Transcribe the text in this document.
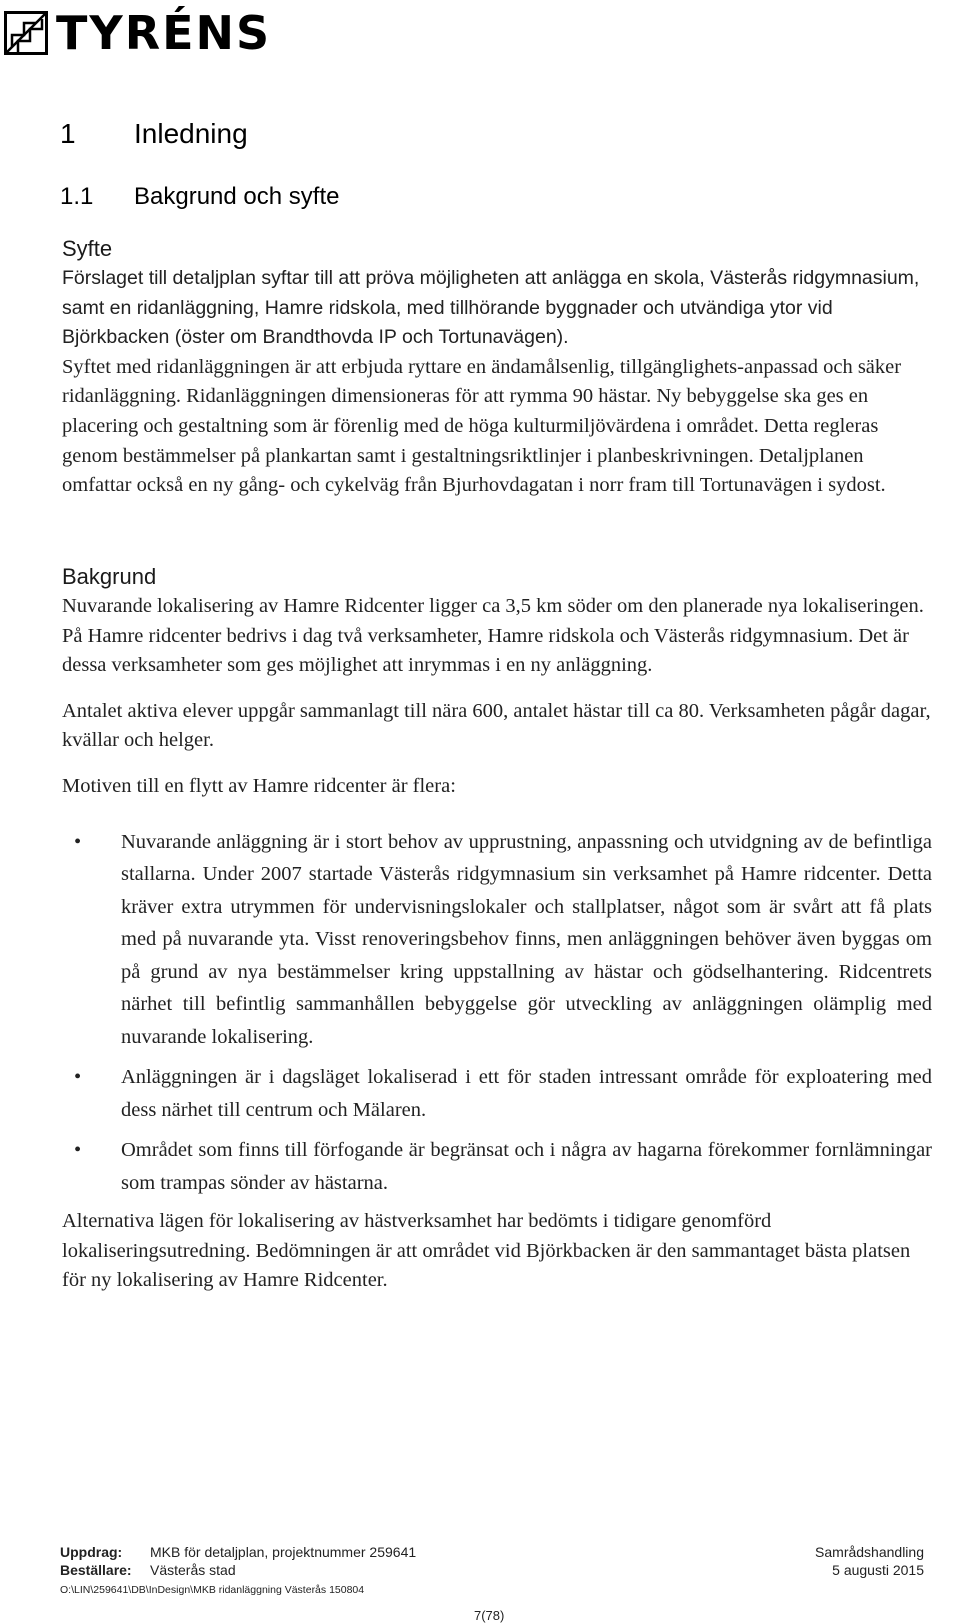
TYRÉNS
1 Inledning
1.1 Bakgrund och syfte
Syfte

Förslaget till detaljplan syftar till att pröva möjligheten att anlägga en skola, Västerås ridgymnasium, samt en ridanläggning, Hamre ridskola, med tillhörande byggnader och utvändiga ytor vid Björkbacken (öster om Brandthovda IP och Tortunavägen).

Syftet med ridanläggningen är att erbjuda ryttare en ändamålsenlig, tillgänglighets-anpassad och säker ridanläggning. Ridanläggningen dimensioneras för att rymma 90 hästar. Ny bebyggelse ska ges en placering och gestaltning som är förenlig med de höga kulturmiljövärdena i området. Detta regleras genom bestämmelser på plankartan samt i gestaltningsriktlinjer i planbeskrivningen. Detaljplanen omfattar också en ny gång- och cykelväg från Bjurhovdagatan i norr fram till Tortunavägen i sydost.

Bakgrund

Nuvarande lokalisering av Hamre Ridcenter ligger ca 3,5 km söder om den planerade nya lokaliseringen. På Hamre ridcenter bedrivs i dag två verksamheter, Hamre ridskola och Västerås ridgymnasium. Det är dessa verksamheter som ges möjlighet att inrymmas i en ny anläggning.

Antalet aktiva elever uppgår sammanlagt till nära 600, antalet hästar till ca 80. Verksamheten pågår dagar, kvällar och helger.

Motiven till en flytt av Hamre ridcenter är flera:

• Nuvarande anläggning är i stort behov av upprustning, anpassning och utvidgning av de befintliga stallarna. Under 2007 startade Västerås ridgymnasium sin verksamhet på Hamre ridcenter. Detta kräver extra utrymmen för undervisningslokaler och stallplatser, något som är svårt att få plats med på nuvarande yta. Visst renoveringsbehov finns, men anläggningen behöver även byggas om på grund av nya bestämmelser kring uppstallning av hästar och gödselhantering. Ridcentrets närhet till befintlig sammanhållen bebyggelse gör utveckling av anläggningen olämplig med nuvarande lokalisering.
• Anläggningen är i dagsläget lokaliserad i ett för staden intressant område för exploatering med dess närhet till centrum och Mälaren.
• Området som finns till förfogande är begränsat och i några av hagarna förekommer fornlämningar som trampas sönder av hästarna.

Alternativa lägen för lokalisering av hästverksamhet har bedömts i tidigare genomförd lokaliseringsutredning. Bedömningen är att området vid Björkbacken är den sammantaget bästa platsen för ny lokalisering av Hamre Ridcenter.

Uppdrag: MKB för detaljplan, projektnummer 259641	Samrådshandling
Beställare: Västerås stad	5 augusti 2015
O:\LIN\259641\DB\InDesign\MKB ridanläggning Västerås 150804
7(78)
